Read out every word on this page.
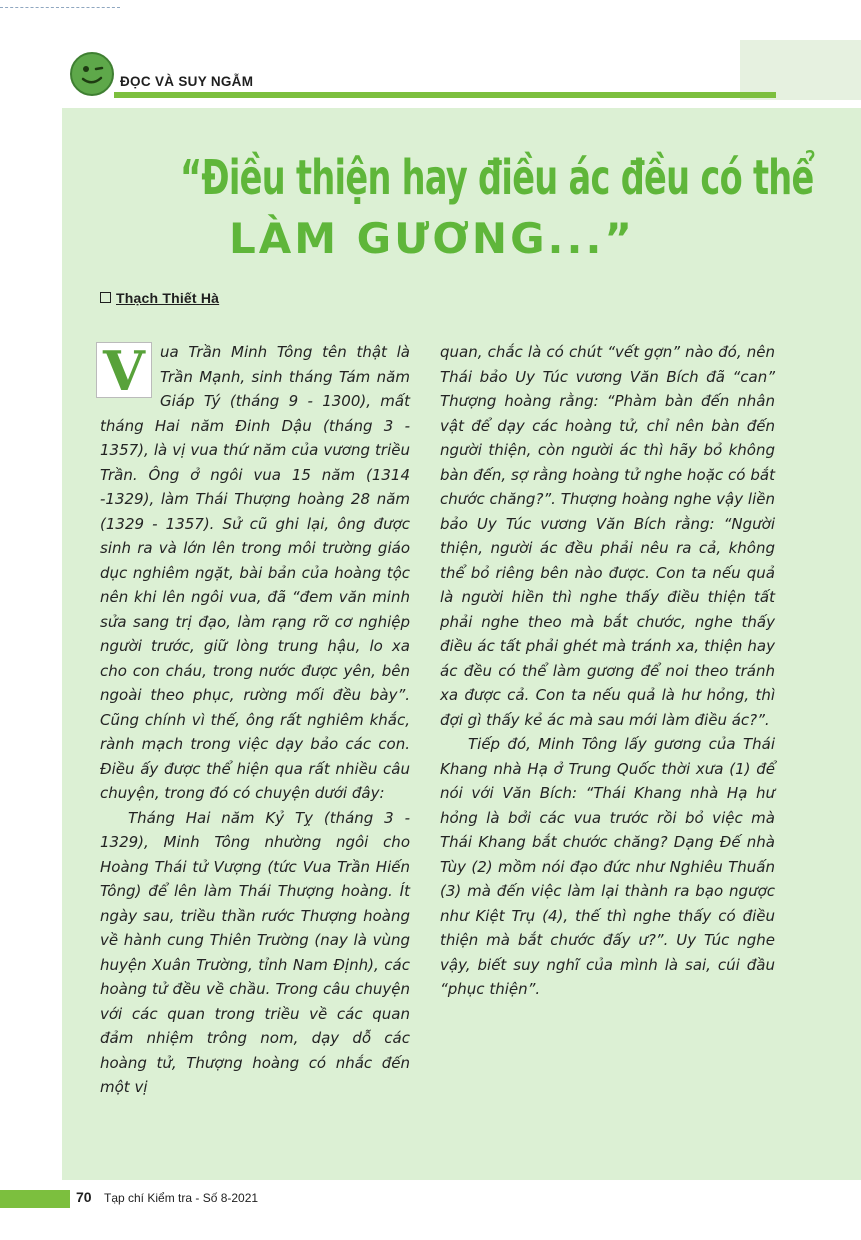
ĐỌC VÀ SUY NGẪM
“Điều thiện hay điều ác đều có thể
LÀM GƯƠNG...”
Thạch Thiết Hà
V	ua Trần Minh Tông tên thật là Trần Mạnh, sinh tháng Tám năm Giáp Tý (tháng 9 - 1300), mất tháng Hai năm Đinh Dậu (tháng 3 - 1357), là vị vua thứ năm của vương triều Trần. Ông ở ngôi vua 15 năm (1314 -1329), làm Thái Thượng hoàng 28 năm (1329 - 1357). Sử cũ ghi lại, ông được sinh ra và lớn lên trong môi trường giáo dục nghiêm ngặt, bài bản của hoàng tộc nên khi lên ngôi vua, đã “đem văn minh sửa sang trị đạo, làm rạng rỡ cơ nghiệp người trước, giữ lòng trung hậu, lo xa cho con cháu, trong nước được yên, bên ngoài theo phục, rường mối đều bày”. Cũng chính vì thế, ông rất nghiêm khắc, rành mạch trong việc dạy bảo các con. Điều ấy được thể hiện qua rất nhiều câu chuyện, trong đó có chuyện dưới đây:

Tháng Hai năm Kỷ Tỵ (tháng 3 - 1329), Minh Tông nhường ngôi cho Hoàng Thái tử Vượng (tức Vua Trần Hiến Tông) để lên làm Thái Thượng hoàng. Ít ngày sau, triều thần rước Thượng hoàng về hành cung Thiên Trường (nay là vùng huyện Xuân Trường, tỉnh Nam Định), các hoàng tử đều về chầu. Trong câu chuyện với các quan trong triều về các quan đảm nhiệm trông nom, dạy dỗ các hoàng tử, Thượng hoàng có nhắc đến một vị

quan, chắc là có chút “vết gợn” nào đó, nên Thái bảo Uy Túc vương Văn Bích đã “can” Thượng hoàng rằng: “Phàm bàn đến nhân vật để dạy các hoàng tử, chỉ nên bàn đến người thiện, còn người ác thì hãy bỏ không bàn đến, sợ rằng hoàng tử nghe hoặc có bắt chước chăng?”. Thượng hoàng nghe vậy liền bảo Uy Túc vương Văn Bích rằng: “Người thiện, người ác đều phải nêu ra cả, không thể bỏ riêng bên nào được. Con ta nếu quả là người hiền thì nghe thấy điều thiện tất phải nghe theo mà bắt chước, nghe thấy điều ác tất phải ghét mà tránh xa, thiện hay ác đều có thể làm gương để noi theo tránh xa được cả. Con ta nếu quả là hư hỏng, thì đợi gì thấy kẻ ác mà sau mới làm điều ác?”.

Tiếp đó, Minh Tông lấy gương của Thái Khang nhà Hạ ở Trung Quốc thời xưa (1) để nói với Văn Bích: “Thái Khang nhà Hạ hư hỏng là bởi các vua trước rồi bỏ việc mà Thái Khang bắt chước chăng? Dạng Đế nhà Tùy (2) mồm nói đạo đức như Nghiêu Thuấn (3) mà đến việc làm lại thành ra bạo ngược như Kiệt Trụ (4), thế thì nghe thấy có điều thiện mà bắt chước đấy ư?”. Uy Túc nghe vậy, biết suy nghĩ của mình là sai, cúi đầu “phục thiện”.

70 Tạp chí Kiểm tra - Số 8-2021
